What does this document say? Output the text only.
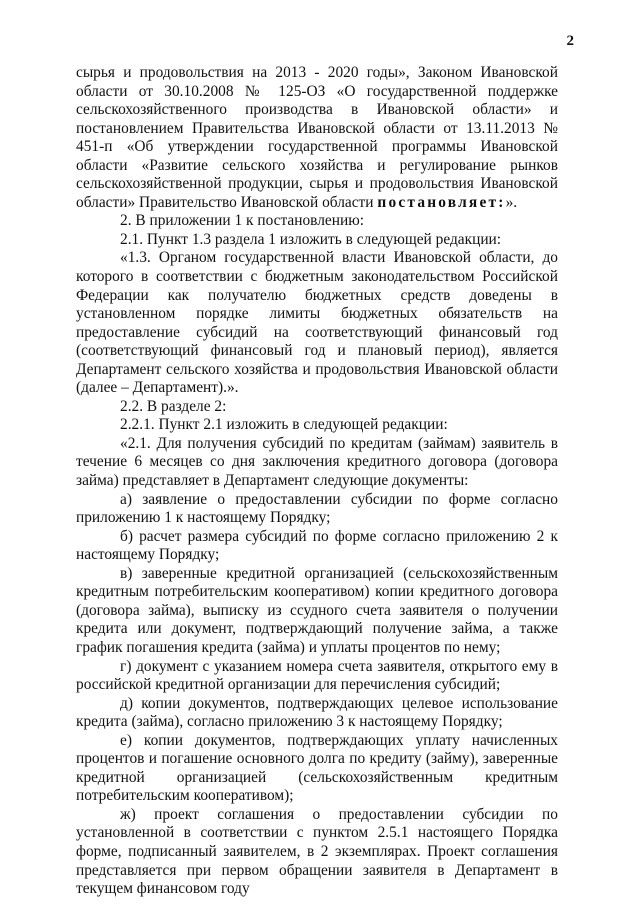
2

сырья и продовольствия на 2013 - 2020 годы», Законом Ивановской области от 30.10.2008 № 125-ОЗ «О государственной поддержке сельскохозяйственного производства в Ивановской области» и постановлением Правительства Ивановской области от 13.11.2013 № 451-п «Об утверждении государственной программы Ивановской области «Развитие сельского хозяйства и регулирование рынков сельскохозяйственной продукции, сырья и продовольствия Ивановской области» Правительство Ивановской области постановляет:».

2. В приложении 1 к постановлению:

2.1. Пункт 1.3 раздела 1 изложить в следующей редакции:

«1.3. Органом государственной власти Ивановской области, до которого в соответствии с бюджетным законодательством Российской Федерации как получателю бюджетных средств доведены в установленном порядке лимиты бюджетных обязательств на предоставление субсидий на соответствующий финансовый год (соответствующий финансовый год и плановый период), является Департамент сельского хозяйства и продовольствия Ивановской области (далее – Департамент).».

2.2. В разделе 2:

2.2.1. Пункт 2.1 изложить в следующей редакции:

«2.1. Для получения субсидий по кредитам (займам) заявитель в течение 6 месяцев со дня заключения кредитного договора (договора займа) представляет в Департамент следующие документы:

а) заявление о предоставлении субсидии по форме согласно приложению 1 к настоящему Порядку;

б) расчет размера субсидий по форме согласно приложению 2 к настоящему Порядку;

в) заверенные кредитной организацией (сельскохозяйственным кредитным потребительским кооперативом) копии кредитного договора (договора займа), выписку из ссудного счета заявителя о получении кредита или документ, подтверждающий получение займа, а также график погашения кредита (займа) и уплаты процентов по нему;

г) документ с указанием номера счета заявителя, открытого ему в российской кредитной организации для перечисления субсидий;

д) копии документов, подтверждающих целевое использование кредита (займа), согласно приложению 3 к настоящему Порядку;

е) копии документов, подтверждающих уплату начисленных процентов и погашение основного долга по кредиту (займу), заверенные кредитной организацией (сельскохозяйственным кредитным потребительским кооперативом);

ж) проект соглашения о предоставлении субсидии по установленной в соответствии с пунктом 2.5.1 настоящего Порядка форме, подписанный заявителем, в 2 экземплярах. Проект соглашения представляется при первом обращении заявителя в Департамент в текущем финансовом году
